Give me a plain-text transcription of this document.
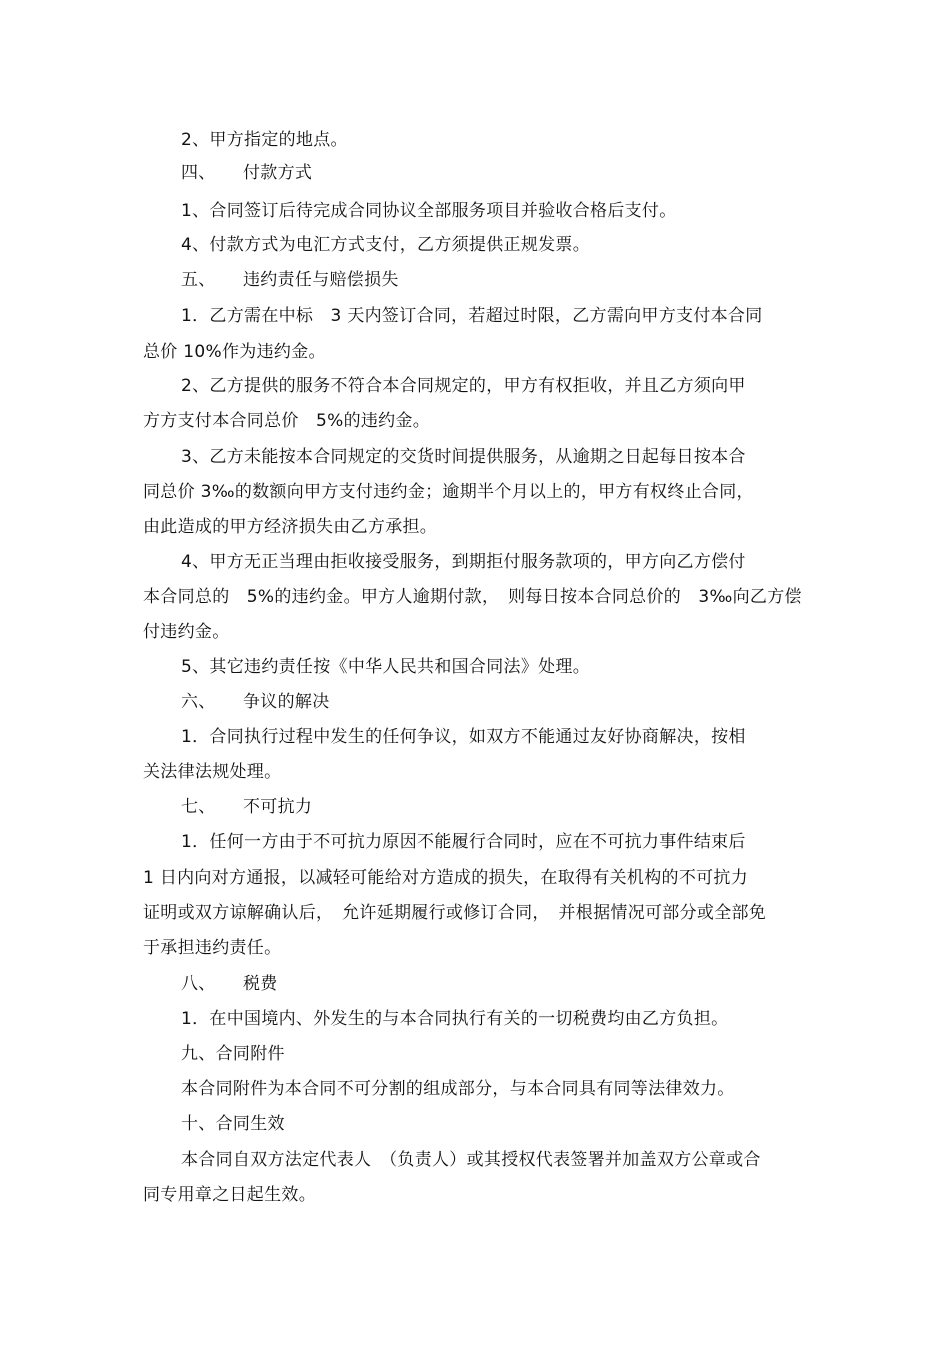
2、甲方指定的地点。
四、 付款方式
1、合同签订后待完成合同协议全部服务项目并验收合格后支付。
4、付款方式为电汇方式支付，乙方须提供正规发票。
五、 违约责任与赔偿损失
1．乙方需在中标　3 天内签订合同，若超过时限，乙方需向甲方支付本合同
总价 10%作为违约金。
2、乙方提供的服务不符合本合同规定的，甲方有权拒收，并且乙方须向甲
方方支付本合同总价　5%的违约金。
3、乙方未能按本合同规定的交货时间提供服务，从逾期之日起每日按本合
同总价 3‰的数额向甲方支付违约金；逾期半个月以上的，甲方有权终止合同，
由此造成的甲方经济损失由乙方承担。
4、甲方无正当理由拒收接受服务，到期拒付服务款项的，甲方向乙方偿付
本合同总的　5%的违约金。甲方人逾期付款，　则每日按本合同总价的　3‰向乙方偿
付违约金。
5、其它违约责任按《中华人民共和国合同法》处理。
六、 争议的解决
1．合同执行过程中发生的任何争议，如双方不能通过友好协商解决，按相
关法律法规处理。
七、 不可抗力
1．任何一方由于不可抗力原因不能履行合同时，应在不可抗力事件结束后
1 日内向对方通报，以减轻可能给对方造成的损失，在取得有关机构的不可抗力
证明或双方谅解确认后，　允许延期履行或修订合同，　并根据情况可部分或全部免
于承担违约责任。
八、 税费
1．在中国境内、外发生的与本合同执行有关的一切税费均由乙方负担。
九、合同附件
本合同附件为本合同不可分割的组成部分，与本合同具有同等法律效力。
十、合同生效
本合同自双方法定代表人　（负责人）或其授权代表签署并加盖双方公章或合
同专用章之日起生效。
